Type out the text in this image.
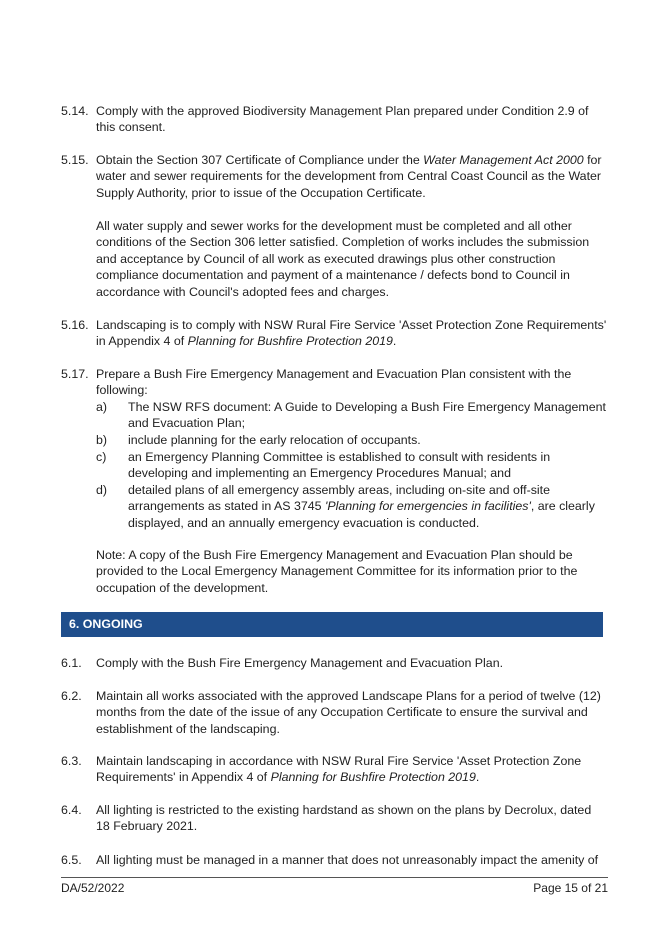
5.14. Comply with the approved Biodiversity Management Plan prepared under Condition 2.9 of this consent.
5.15. Obtain the Section 307 Certificate of Compliance under the Water Management Act 2000 for water and sewer requirements for the development from Central Coast Council as the Water Supply Authority, prior to issue of the Occupation Certificate.
All water supply and sewer works for the development must be completed and all other conditions of the Section 306 letter satisfied. Completion of works includes the submission and acceptance by Council of all work as executed drawings plus other construction compliance documentation and payment of a maintenance / defects bond to Council in accordance with Council's adopted fees and charges.
5.16. Landscaping is to comply with NSW Rural Fire Service 'Asset Protection Zone Requirements' in Appendix 4 of Planning for Bushfire Protection 2019.
5.17. Prepare a Bush Fire Emergency Management and Evacuation Plan consistent with the following:
a) The NSW RFS document: A Guide to Developing a Bush Fire Emergency Management and Evacuation Plan;
b) include planning for the early relocation of occupants.
c) an Emergency Planning Committee is established to consult with residents in developing and implementing an Emergency Procedures Manual; and
d) detailed plans of all emergency assembly areas, including on-site and off-site arrangements as stated in AS 3745 'Planning for emergencies in facilities', are clearly displayed, and an annually emergency evacuation is conducted.
Note: A copy of the Bush Fire Emergency Management and Evacuation Plan should be provided to the Local Emergency Management Committee for its information prior to the occupation of the development.
6. ONGOING
6.1. Comply with the Bush Fire Emergency Management and Evacuation Plan.
6.2. Maintain all works associated with the approved Landscape Plans for a period of twelve (12) months from the date of the issue of any Occupation Certificate to ensure the survival and establishment of the landscaping.
6.3. Maintain landscaping in accordance with NSW Rural Fire Service 'Asset Protection Zone Requirements' in Appendix 4 of Planning for Bushfire Protection 2019.
6.4. All lighting is restricted to the existing hardstand as shown on the plans by Decrolux, dated 18 February 2021.
6.5. All lighting must be managed in a manner that does not unreasonably impact the amenity of
DA/52/2022	Page 15 of 21
